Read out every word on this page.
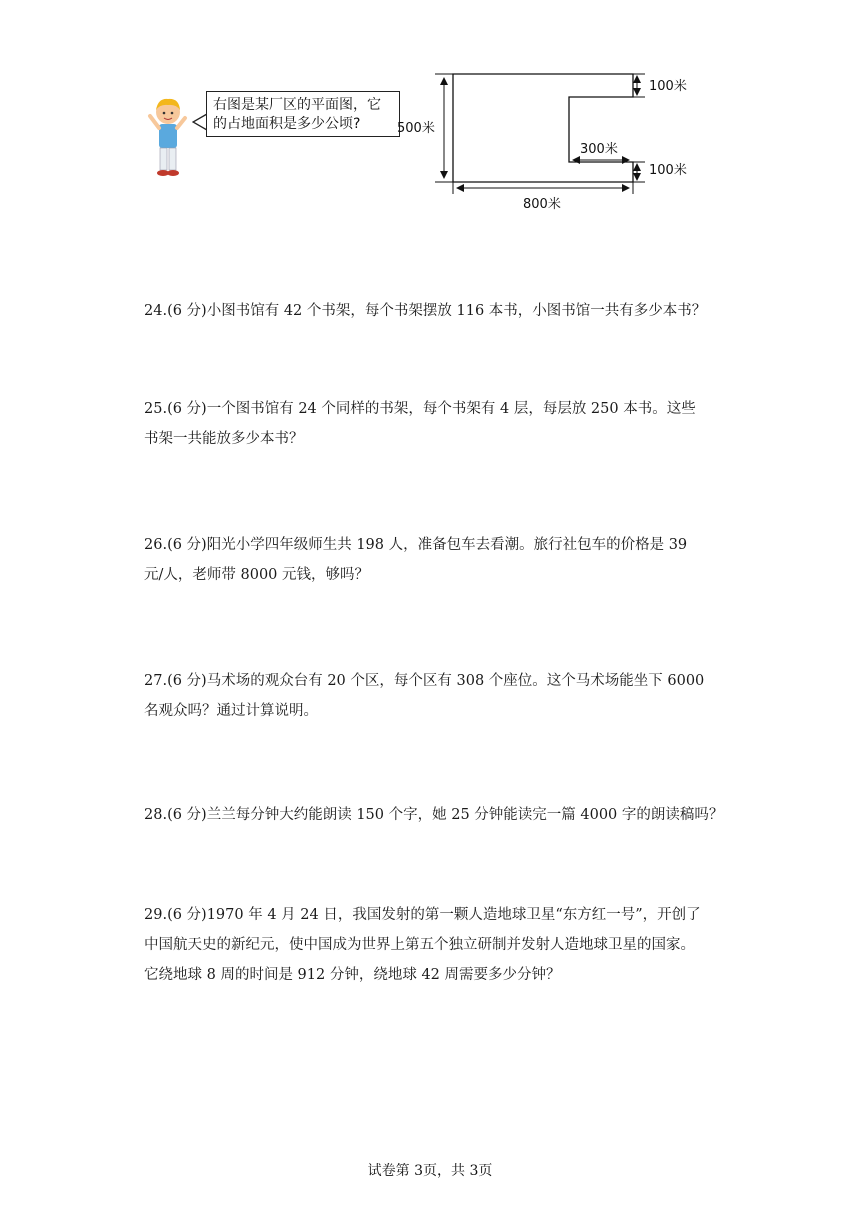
右图是某厂区的平面图，它
的占地面积是多少公顷?	500米
100米
300米
100米
800米
24.(6 分)小图书馆有 42 个书架，每个书架摆放 116 本书，小图书馆一共有多少本书？
25.(6 分)一个图书馆有 24 个同样的书架，每个书架有 4 层，每层放 250 本书。这些
书架一共能放多少本书？
26.(6 分)阳光小学四年级师生共 198 人，准备包车去看潮。旅行社包车的价格是 39
元/人，老师带 8000 元钱，够吗？
27.(6 分)马术场的观众台有 20 个区，每个区有 308 个座位。这个马术场能坐下 6000
名观众吗？通过计算说明。
28.(6 分)兰兰每分钟大约能朗读 150 个字，她 25 分钟能读完一篇 4000 字的朗读稿吗？
29.(6 分)1970 年 4 月 24 日，我国发射的第一颗人造地球卫星“东方红一号”，开创了
中国航天史的新纪元，使中国成为世界上第五个独立研制并发射人造地球卫星的国家。
它绕地球 8 周的时间是 912 分钟，绕地球 42 周需要多少分钟？
试卷第 3页，共 3页
